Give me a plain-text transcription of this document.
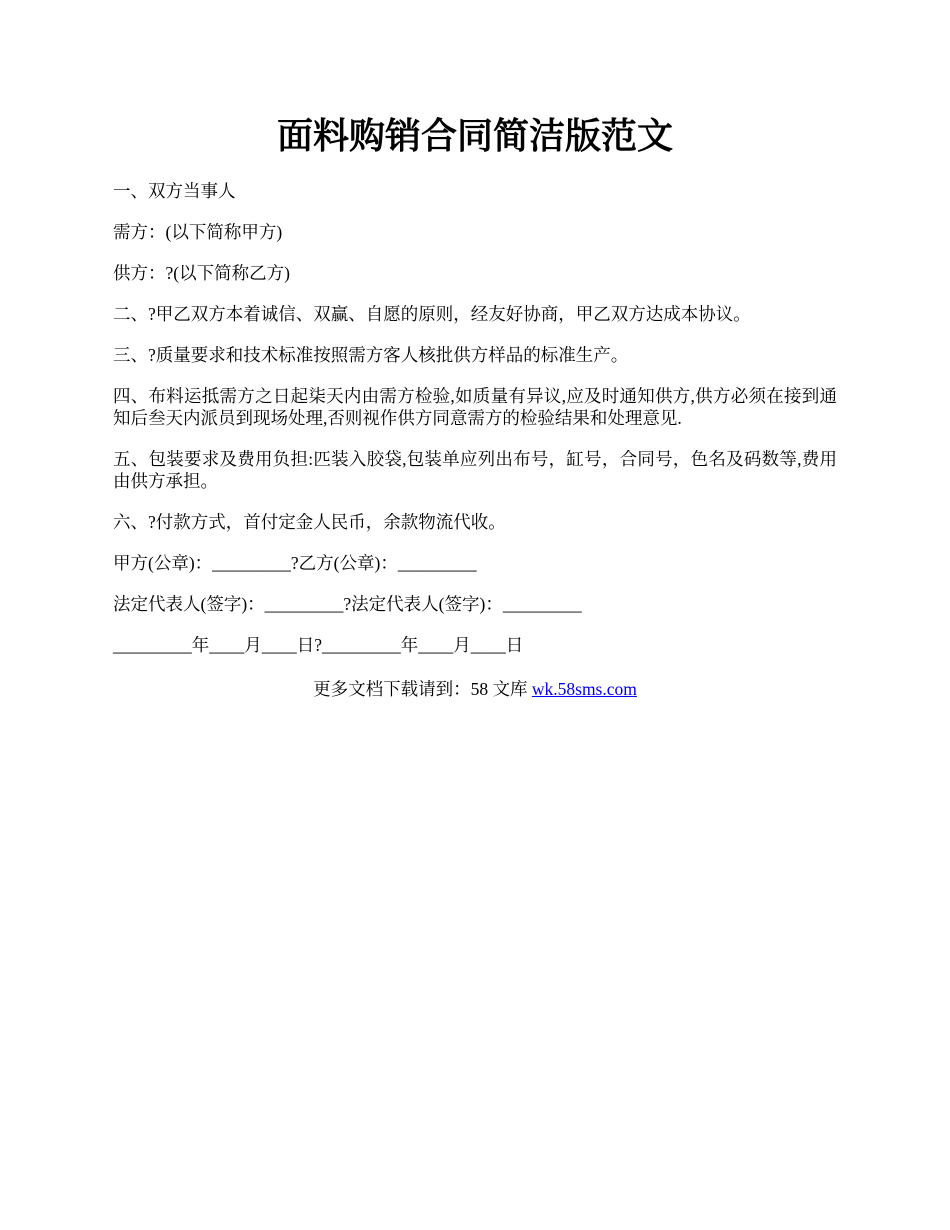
面料购销合同简洁版范文

一、双方当事人

需方：(以下简称甲方)

供方：?(以下简称乙方)

二、?甲乙双方本着诚信、双赢、自愿的原则，经友好协商，甲乙双方达成本协议。

三、?质量要求和技术标准按照需方客人核批供方样品的标准生产。

四、布料运抵需方之日起柒天内由需方检验,如质量有异议,应及时通知供方,供方必须在接到通知后叁天内派员到现场处理,否则视作供方同意需方的检验结果和处理意见.

五、包装要求及费用负担:匹装入胶袋,包装单应列出布号，缸号，合同号，色名及码数等,费用由供方承担。

六、?付款方式，首付定金人民币，余款物流代收。

甲方(公章)：_________?乙方(公章)：_________

法定代表人(签字)：_________?法定代表人(签字)：_________

_________年____月____日?_________年____月____日

更多文档下载请到：58 文库 wk.58sms.com
